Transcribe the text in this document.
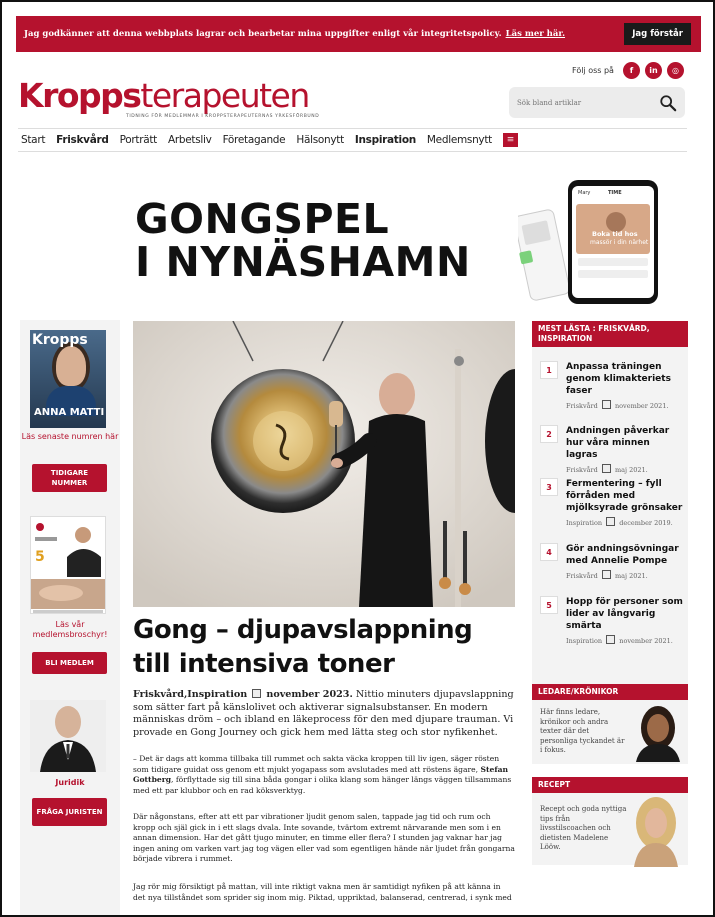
Jag godkänner att denna webbplats lagrar och bearbetar mina uppgifter enligt vår integritetspolicy. Läs mer här.	Jag förstår
Kroppsterapeuten
TIDNING FÖR MEDLEMMAR I KROPPSTERAPEUTERNAS YRKESFÖRBUND
Följ oss på	f	in	◎
Sök bland artiklar
Start Friskvård Porträtt Arbetsliv Företagande Hälsonytt Inspiration Medlemsnytt	≡
GONGSPEL
I NYNÄSHAMN
Boka tid hos
massör i din närhet
TIME
Mary
Kropps
ANNA MATTI
Läs senaste numren här
TIDIGARE NUMMER
5
Läs vår medlemsbroschyr!
BLI MEDLEM
Juridik
FRÅGA JURISTEN
Gong – djupavslappning till intensiva toner
Friskvård,Inspiration november 2023. Nittio minuters djupavslappning som sätter fart på känslolivet och aktiverar signalsubstanser. En modern människas dröm – och ibland en läkeprocess för den med djupare trauman. Vi provade en Gong Journey och gick hem med lätta steg och stor nyfikenhet.
– Det är dags att komma tillbaka till rummet och sakta väcka kroppen till liv igen, säger rösten som tidigare guidat oss genom ett mjukt yogapass som avslutades med att röstens ägare, Stefan Gottberg, förflyttade sig till sina båda gongar i olika klang som hänger längs väggen tillsammans med ett par klubbor och en rad köksverktyg.
Där någonstans, efter att ett par vibrationer ljudit genom salen, tappade jag tid och rum och kropp och själ gick in i ett slags dvala. Inte sovande, tvärtom extremt närvarande men som i en annan dimension. Har det gått tjugo minuter, en timme eller flera? I stunden jag vaknar har jag ingen aning om varken vart jag tog vägen eller vad som egentligen hände när ljudet från gongarna började vibrera i rummet.
Jag rör mig försiktigt på mattan, vill inte riktigt vakna men är samtidigt nyfiken på att känna in det nya tillståndet som sprider sig inom mig. Piktad, uppriktad, balanserad, centrerad, i synk med
MEST LÄSTA : FRISKVÅRD, INSPIRATION
1	Anpassa träningen genom klimakteriets faser
Friskvård	november 2021.
2	Andningen påverkar hur våra minnen lagras
Friskvård	maj 2021.
3	Fermentering – fyll förråden med mjölksyrade grönsaker
Inspiration	december 2019.
4	Gör andningsövningar med Annelie Pompe
Friskvård	maj 2021.
5	Hopp för personer som lider av långvarig smärta
Inspiration	november 2021.
LEDARE/KRÖNIKOR
Här finns ledare, krönikor och andra texter där det personliga tyckandet är i fokus.
RECEPT
Recept och goda nyttiga tips från livsstilscoachen och dietisten Madelene Lööw.
